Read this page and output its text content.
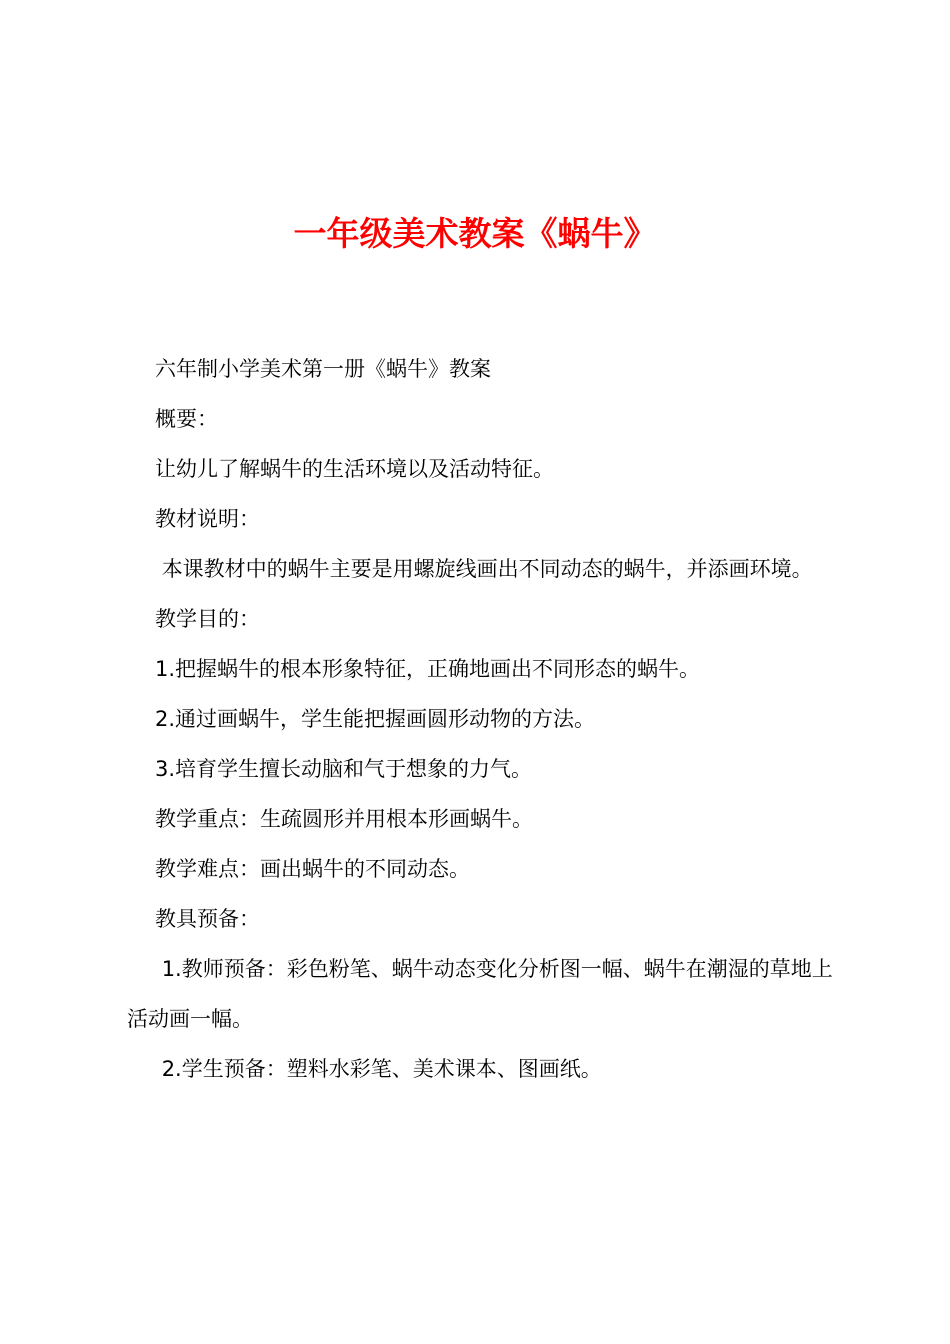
一年级美术教案《蜗牛》

六年制小学美术第一册《蜗牛》教案

概要：

让幼儿了解蜗牛的生活环境以及活动特征。

教材说明：

本课教材中的蜗牛主要是用螺旋线画出不同动态的蜗牛，并添画环境。

教学目的：

1.把握蜗牛的根本形象特征，正确地画出不同形态的蜗牛。

2.通过画蜗牛，学生能把握画圆形动物的方法。

3.培育学生擅长动脑和气于想象的力气。

教学重点：生疏圆形并用根本形画蜗牛。

教学难点：画出蜗牛的不同动态。

教具预备：

1.教师预备：彩色粉笔、蜗牛动态变化分析图一幅、蜗牛在潮湿的草地上活动画一幅。

2.学生预备：塑料水彩笔、美术课本、图画纸。
